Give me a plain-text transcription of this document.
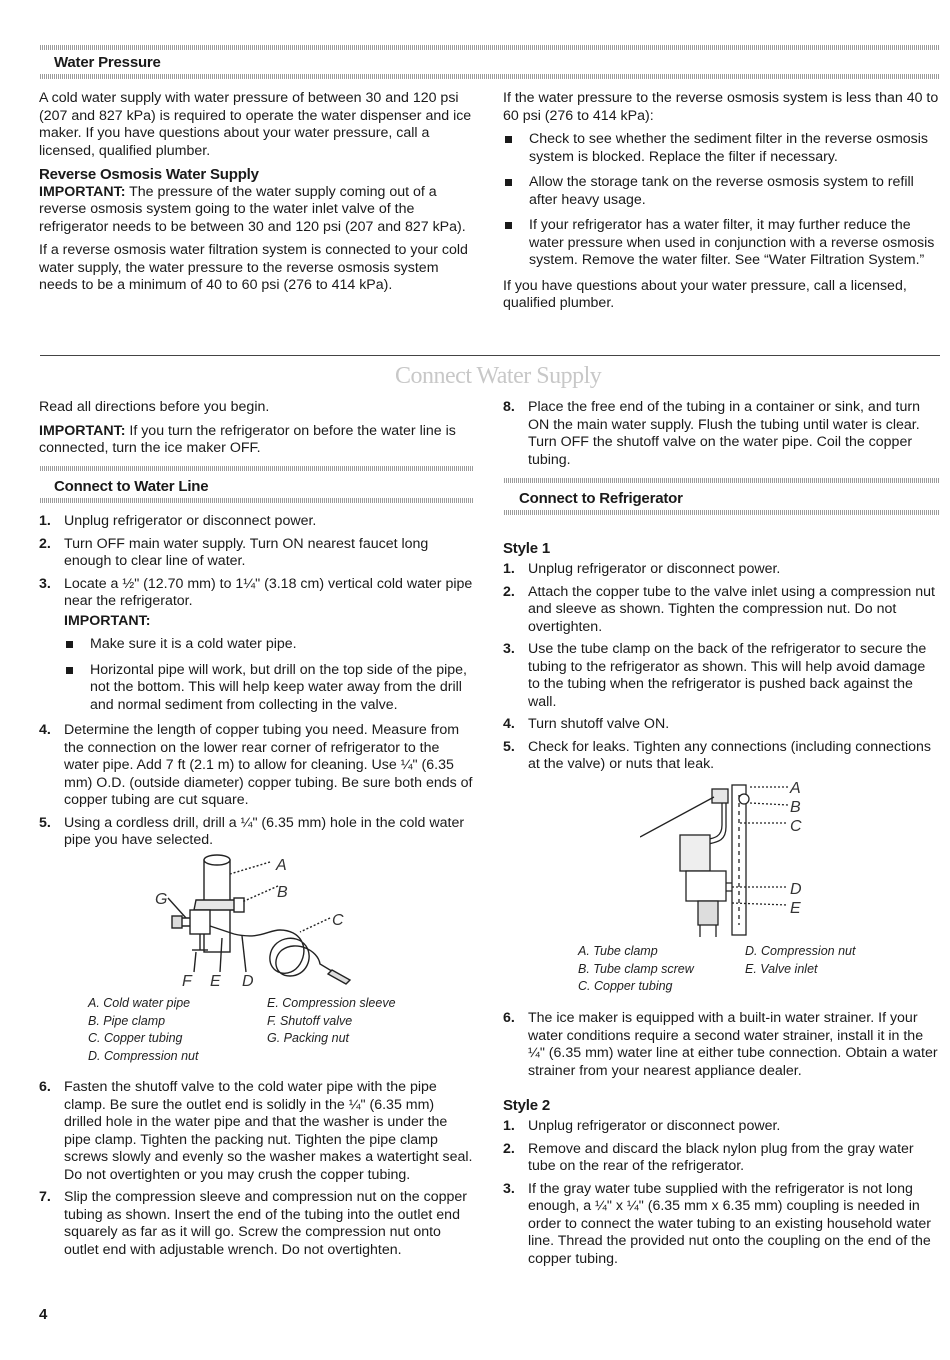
Water Pressure

A cold water supply with water pressure of between 30 and 120 psi (207 and 827 kPa) is required to operate the water dispenser and ice maker. If you have questions about your water pressure, call a licensed, qualified plumber.

Reverse Osmosis Water Supply

IMPORTANT: The pressure of the water supply coming out of a reverse osmosis system going to the water inlet valve of the refrigerator needs to be between 30 and 120 psi (207 and 827 kPa).

If a reverse osmosis water filtration system is connected to your cold water supply, the water pressure to the reverse osmosis system needs to be a minimum of 40 to 60 psi (276 to 414 kPa).

If the water pressure to the reverse osmosis system is less than 40 to 60 psi (276 to 414 kPa):

Check to see whether the sediment filter in the reverse osmosis system is blocked. Replace the filter if necessary.
Allow the storage tank on the reverse osmosis system to refill after heavy usage.
If your refrigerator has a water filter, it may further reduce the water pressure when used in conjunction with a reverse osmosis system. Remove the water filter. See “Water Filtration System.”

If you have questions about your water pressure, call a licensed, qualified plumber.

Connect Water Supply

Read all directions before you begin.

IMPORTANT: If you turn the refrigerator on before the water line is connected, turn the ice maker OFF.

Connect to Water Line
1. Unplug refrigerator or disconnect power.
2. Turn OFF main water supply. Turn ON nearest faucet long enough to clear line of water.
3. Locate a ½" (12.70 mm) to 1¼" (3.18 cm) vertical cold water pipe near the refrigerator.
IMPORTANT:
Make sure it is a cold water pipe.
Horizontal pipe will work, but drill on the top side of the pipe, not the bottom. This will help keep water away from the drill and normal sediment from collecting in the valve.
4. Determine the length of copper tubing you need. Measure from the connection on the lower rear corner of refrigerator to the water pipe. Add 7 ft (2.1 m) to allow for cleaning. Use ¼" (6.35 mm) O.D. (outside diameter) copper tubing. Be sure both ends of copper tubing are cut square.
5. Using a cordless drill, drill a ¼" (6.35 mm) hole in the cold water pipe you have selected.
A
B
C
G
F E D
A. Cold water pipe
B. Pipe clamp
C. Copper tubing
D. Compression nut
E. Compression sleeve
F. Shutoff valve
G. Packing nut
6. Fasten the shutoff valve to the cold water pipe with the pipe clamp. Be sure the outlet end is solidly in the ¼" (6.35 mm) drilled hole in the water pipe and that the washer is under the pipe clamp. Tighten the packing nut. Tighten the pipe clamp screws slowly and evenly so the washer makes a watertight seal. Do not overtighten or you may crush the copper tubing.
7. Slip the compression sleeve and compression nut on the copper tubing as shown. Insert the end of the tubing into the outlet end squarely as far as it will go. Screw the compression nut onto outlet end with adjustable wrench. Do not overtighten.
4
8. Place the free end of the tubing in a container or sink, and turn ON the main water supply. Flush the tubing until water is clear. Turn OFF the shutoff valve on the water pipe. Coil the copper tubing.
Connect to Refrigerator
Style 1
1. Unplug refrigerator or disconnect power.
2. Attach the copper tube to the valve inlet using a compression nut and sleeve as shown. Tighten the compression nut. Do not overtighten.
3. Use the tube clamp on the back of the refrigerator to secure the tubing to the refrigerator as shown. This will help avoid damage to the tubing when the refrigerator is pushed back against the wall.
4. Turn shutoff valve ON.
5. Check for leaks. Tighten any connections (including connections at the valve) or nuts that leak.
A
B
C
D
E
A. Tube clamp
B. Tube clamp screw
C. Copper tubing
D. Compression nut
E. Valve inlet
6. The ice maker is equipped with a built-in water strainer. If your water conditions require a second water strainer, install it in the ¼" (6.35 mm) water line at either tube connection. Obtain a water strainer from your nearest appliance dealer.
Style 2
1. Unplug refrigerator or disconnect power.
2. Remove and discard the black nylon plug from the gray water tube on the rear of the refrigerator.
3. If the gray water tube supplied with the refrigerator is not long enough, a ¼" x ¼" (6.35 mm x 6.35 mm) coupling is needed in order to connect the water tubing to an existing household water line. Thread the provided nut onto the coupling on the end of the copper tubing.
